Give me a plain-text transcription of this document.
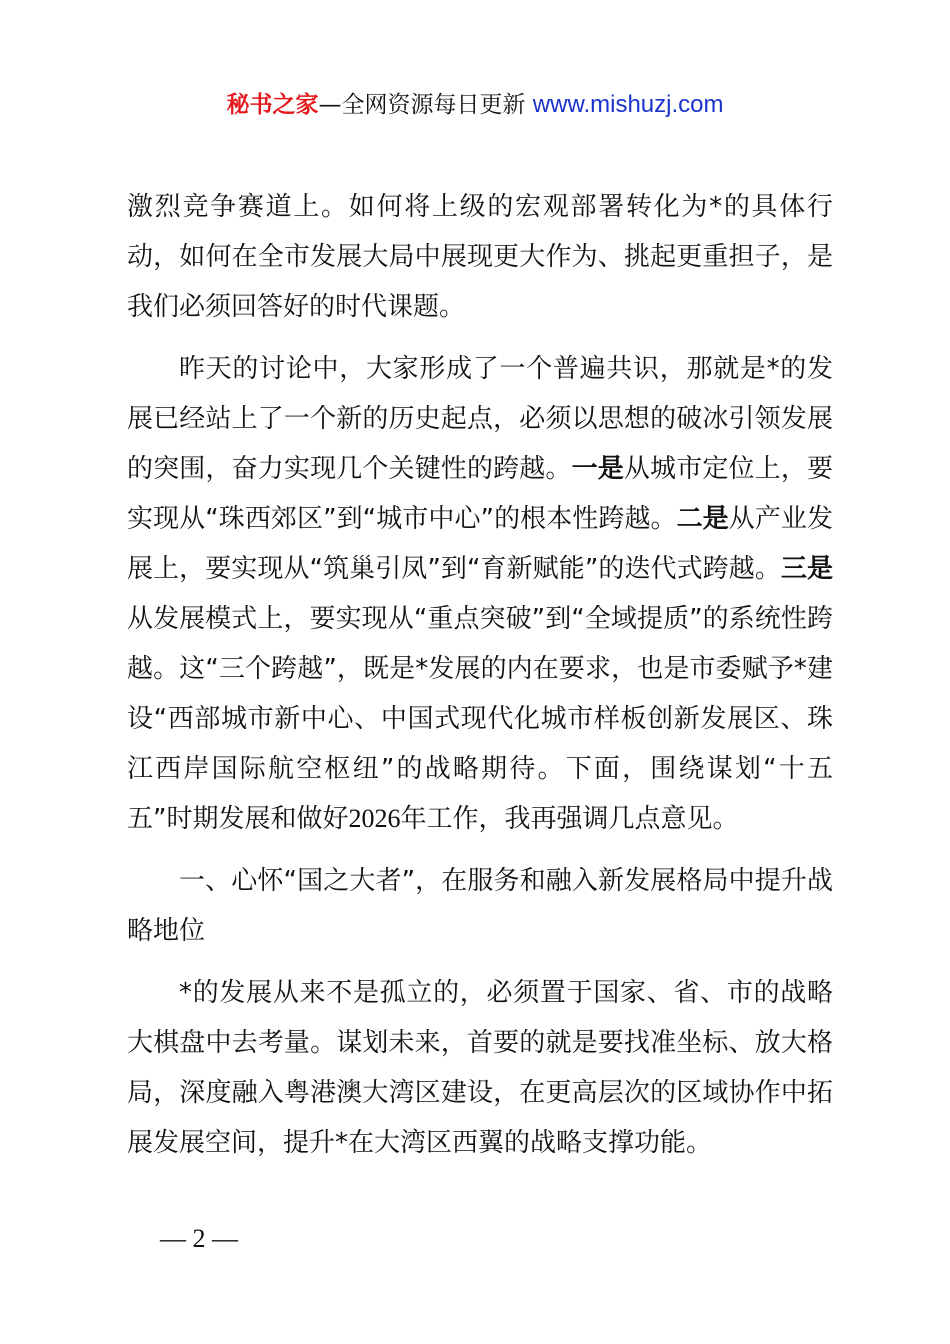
秘书之家—全网资源每日更新 www.mishuzj.com

激烈竞争赛道上。如何将上级的宏观部署转化为*的具体行动，如何在全市发展大局中展现更大作为、挑起更重担子，是我们必须回答好的时代课题。

昨天的讨论中，大家形成了一个普遍共识，那就是*的发展已经站上了一个新的历史起点，必须以思想的破冰引领发展的突围，奋力实现几个关键性的跨越。一是从城市定位上，要实现从“珠西郊区”到“城市中心”的根本性跨越。二是从产业发展上，要实现从“筑巢引凤”到“育新赋能”的迭代式跨越。三是从发展模式上，要实现从“重点突破”到“全域提质”的系统性跨越。这“三个跨越”，既是*发展的内在要求，也是市委赋予*建设“西部城市新中心、中国式现代化城市样板创新发展区、珠江西岸国际航空枢纽”的战略期待。下面，围绕谋划“十五五”时期发展和做好2026年工作，我再强调几点意见。

一、心怀“国之大者”，在服务和融入新发展格局中提升战略地位

*的发展从来不是孤立的，必须置于国家、省、市的战略大棋盘中去考量。谋划未来，首要的就是要找准坐标、放大格局，深度融入粤港澳大湾区建设，在更高层次的区域协作中拓展发展空间，提升*在大湾区西翼的战略支撑功能。

— 2 —
